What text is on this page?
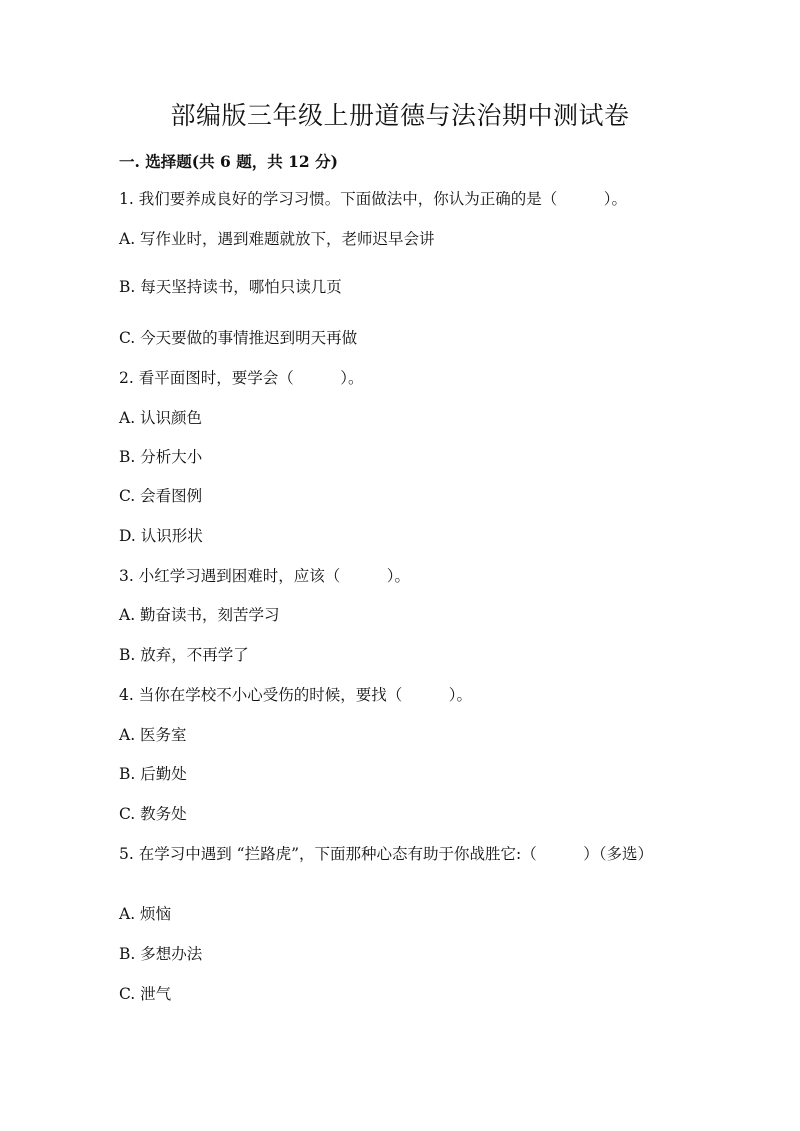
部编版三年级上册道德与法治期中测试卷
一. 选择题(共 6 题，共 12 分)
1. 我们要养成良好的学习习惯。下面做法中，你认为正确的是（　　　）。
A. 写作业时，遇到难题就放下，老师迟早会讲
B. 每天坚持读书，哪怕只读几页
C. 今天要做的事情推迟到明天再做
2. 看平面图时，要学会（　　　）。
A. 认识颜色
B. 分析大小
C. 会看图例
D. 认识形状
3. 小红学习遇到困难时，应该（　　　）。
A. 勤奋读书，刻苦学习
B. 放弃，不再学了
4. 当你在学校不小心受伤的时候，要找（　　　）。
A. 医务室
B. 后勤处
C. 教务处
5. 在学习中遇到 “拦路虎”，下面那种心态有助于你战胜它:（　　　）（多选）
A. 烦恼
B. 多想办法
C. 泄气
